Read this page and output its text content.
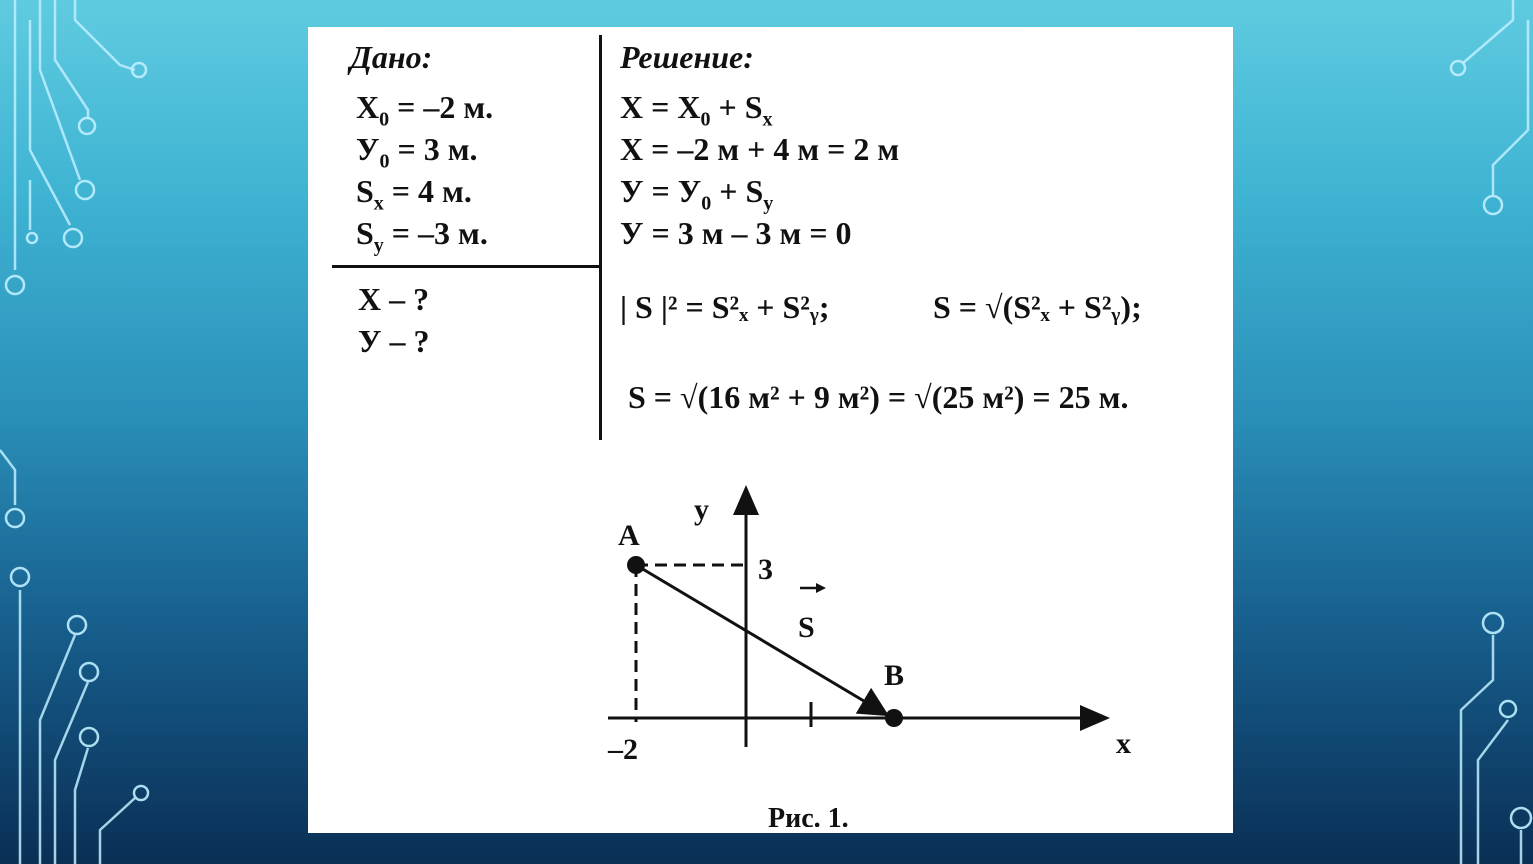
Дано:
$X_0 = -2$ м.
$У_0 = 3$ м.
$S_x = 4$ м.
$S_y = -3$ м.
X – ?
У – ?
Решение:
$X = X_0 + S_x$
X = –2 м + 4 м = 2 м
$У = У_0 + S_y$
У = 3 м – 3 м = 0
| S |² = S²ₓ + S²ᵧ;	S = √(S²ₓ + S²ᵧ);
S = √(16 м² + 9 м²) = √(25 м²) = 25 м.
A
B
y
x
3
–2
S
Рис. 1.
